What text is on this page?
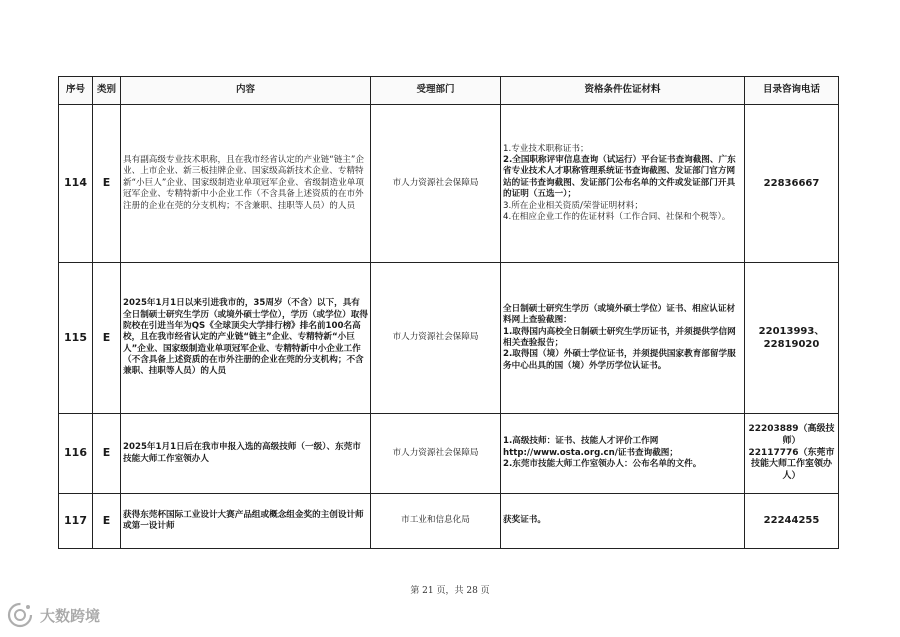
序号	类别	内容	受理部门	资格条件佐证材料	目录咨询电话
114	E	具有副高级专业技术职称，且在我市经省认定的产业链“链主”企业、上市企业、新三板挂牌企业、国家级高新技术企业、专精特新“小巨人”企业、国家级制造业单项冠军企业、省级制造业单项冠军企业、专精特新中小企业工作（不含具备上述资质的在市外注册的企业在莞的分支机构；不含兼职、挂职等人员）的人员	市人力资源社会保障局	1.专业技术职称证书；
2.全国职称评审信息查询（试运行）平台证书查询截图、广东省专业技术人才职称管理系统证书查询截图、发证部门官方网站的证书查询截图、发证部门公布名单的文件或发证部门开具的证明（五选一）；
3.所在企业相关资质/荣誉证明材料；
4.在相应企业工作的佐证材料（工作合同、社保和个税等）。	22836667

115	E	2025年1月1日以来引进我市的，35周岁（不含）以下，具有全日制硕士研究生学历（或境外硕士学位），学历（或学位）取得院校在引进当年为QS《全球顶尖大学排行榜》排名前100名高校，且在我市经省认定的产业链“链主”企业、专精特新“小巨人”企业、国家级制造业单项冠军企业、专精特新中小企业工作（不含具备上述资质的在市外注册的企业在莞的分支机构；不含兼职、挂职等人员）的人员	市人力资源社会保障局	全日制硕士研究生学历（或境外硕士学位）证书、相应认证材料网上查验截图：
1.取得国内高校全日制硕士研究生学历证书，并须提供学信网相关查验报告；
2.取得国（境）外硕士学位证书，并须提供国家教育部留学服务中心出具的国（境）外学历学位认证书。	22013993、
22819020

116	E	2025年1月1日后在我市申报入选的高级技师（一级）、东莞市技能大师工作室领办人	市人力资源社会保障局	1.高级技师：证书、技能人才评价工作网http://www.osta.org.cn/证书查询截图；
2.东莞市技能大师工作室领办人：公布名单的文件。	22203889（高级技师）
22117776（东莞市技能大师工作室领办人）

117	E	获得东莞杯国际工业设计大赛产品组或概念组金奖的主创设计师或第一设计师	市工业和信息化局	获奖证书。	22244255
第 21 页，共 28 页
大数跨境
